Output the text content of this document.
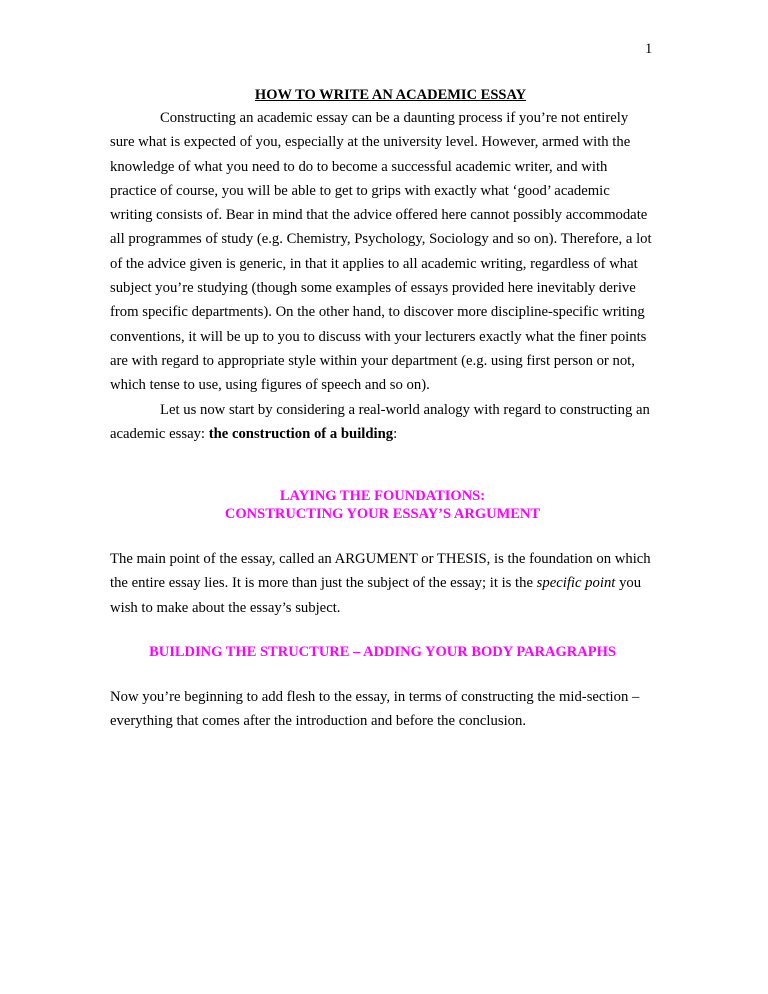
1
HOW TO WRITE AN ACADEMIC ESSAY

Constructing an academic essay can be a daunting process if you’re not entirely sure what is expected of you, especially at the university level. However, armed with the knowledge of what you need to do to become a successful academic writer, and with practice of course, you will be able to get to grips with exactly what ‘good’ academic writing consists of. Bear in mind that the advice offered here cannot possibly accommodate all programmes of study (e.g. Chemistry, Psychology, Sociology and so on). Therefore, a lot of the advice given is generic, in that it applies to all academic writing, regardless of what subject you’re studying (though some examples of essays provided here inevitably derive from specific departments). On the other hand, to discover more discipline-specific writing conventions, it will be up to you to discuss with your lecturers exactly what the finer points are with regard to appropriate style within your department (e.g. using first person or not, which tense to use, using figures of speech and so on).

Let us now start by considering a real-world analogy with regard to constructing an academic essay: the construction of a building:

LAYING THE FOUNDATIONS:
CONSTRUCTING YOUR ESSAY’S ARGUMENT

The main point of the essay, called an ARGUMENT or THESIS, is the foundation on which the entire essay lies. It is more than just the subject of the essay; it is the specific point you wish to make about the essay’s subject.

BUILDING THE STRUCTURE – ADDING YOUR BODY PARAGRAPHS

Now you’re beginning to add flesh to the essay, in terms of constructing the mid-section – everything that comes after the introduction and before the conclusion.
